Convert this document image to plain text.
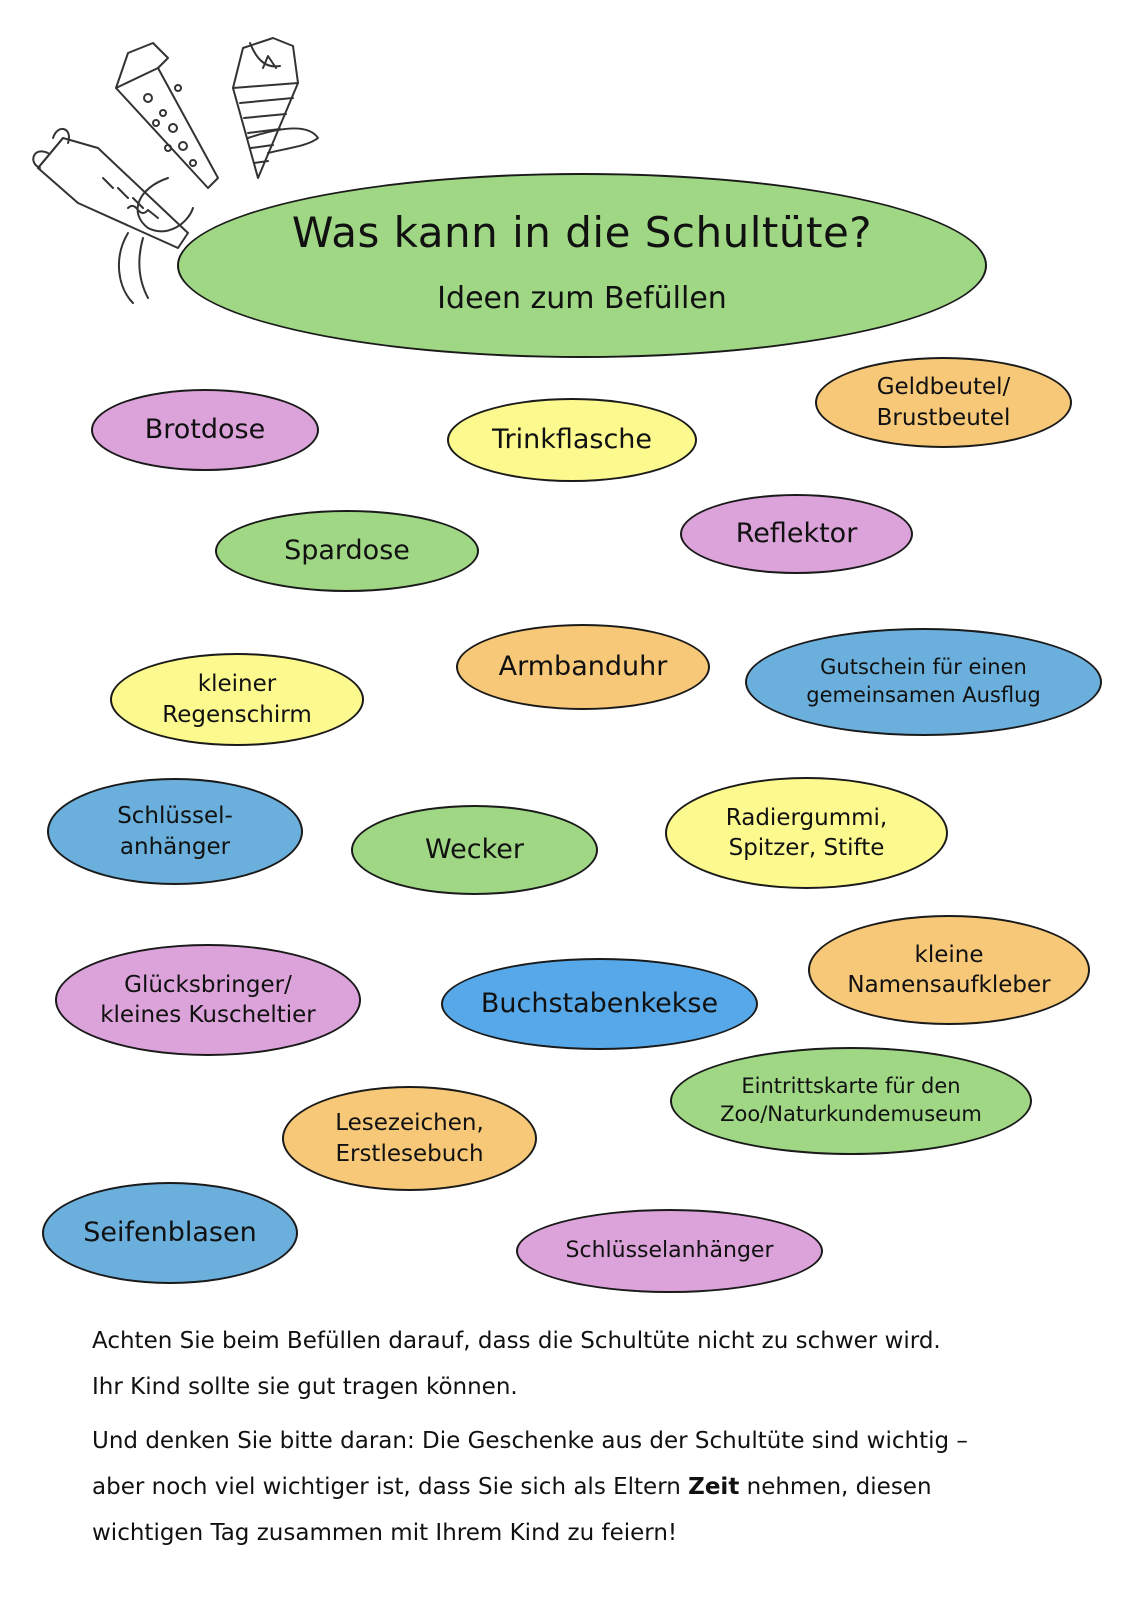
Was kann in die Schultüte?
Ideen zum Befüllen
Brotdose	Trinkflasche
Geldbeutel/
Brustbeutel
Spardose
Reflektor
Armbanduhr
kleiner
Regenschirm
Gutschein für einen
gemeinsamen Ausflug
Schlüssel-
anhänger	Wecker
Radiergummi,
Spitzer, Stifte
kleine
Namensaufkleber
Glücksbringer/
kleines Kuscheltier	Buchstabenkekse
Eintrittskarte für den
Zoo/Naturkundemuseum
Lesezeichen,
Erstlesebuch
Seifenblasen
Schlüsselanhänger
Achten Sie beim Befüllen darauf, dass die Schultüte nicht zu schwer wird.
Ihr Kind sollte sie gut tragen können.
Und denken Sie bitte daran: Die Geschenke aus der Schultüte sind wichtig –
aber noch viel wichtiger ist, dass Sie sich als Eltern Zeit nehmen, diesen
wichtigen Tag zusammen mit Ihrem Kind zu feiern!
